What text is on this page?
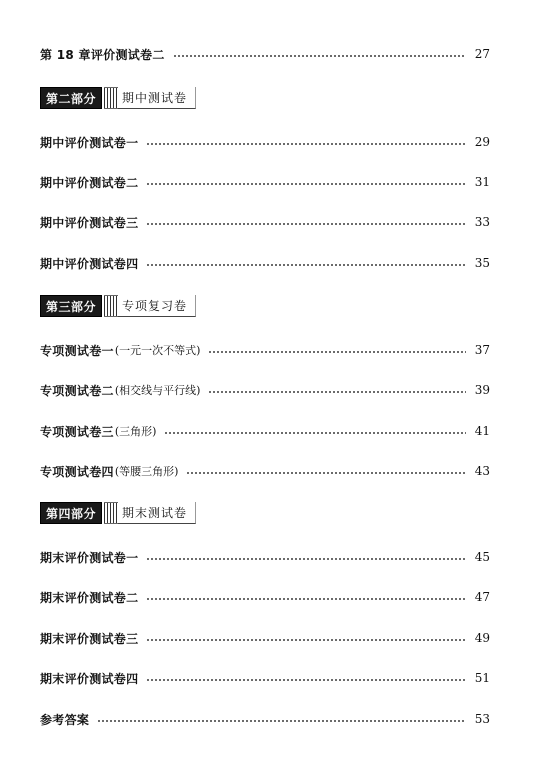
第 18 章评价测试卷二	27
第二部分	期中测试卷
期中评价测试卷一	29
期中评价测试卷二	31
期中评价测试卷三	33
期中评价测试卷四	35
第三部分	专项复习卷
专项测试卷一 (一元一次不等式)	37
专项测试卷二 (相交线与平行线)	39
专项测试卷三 (三角形)	41
专项测试卷四 (等腰三角形)	43
第四部分	期末测试卷
期末评价测试卷一	45
期末评价测试卷二	47
期末评价测试卷三	49
期末评价测试卷四	51
参考答案	53
